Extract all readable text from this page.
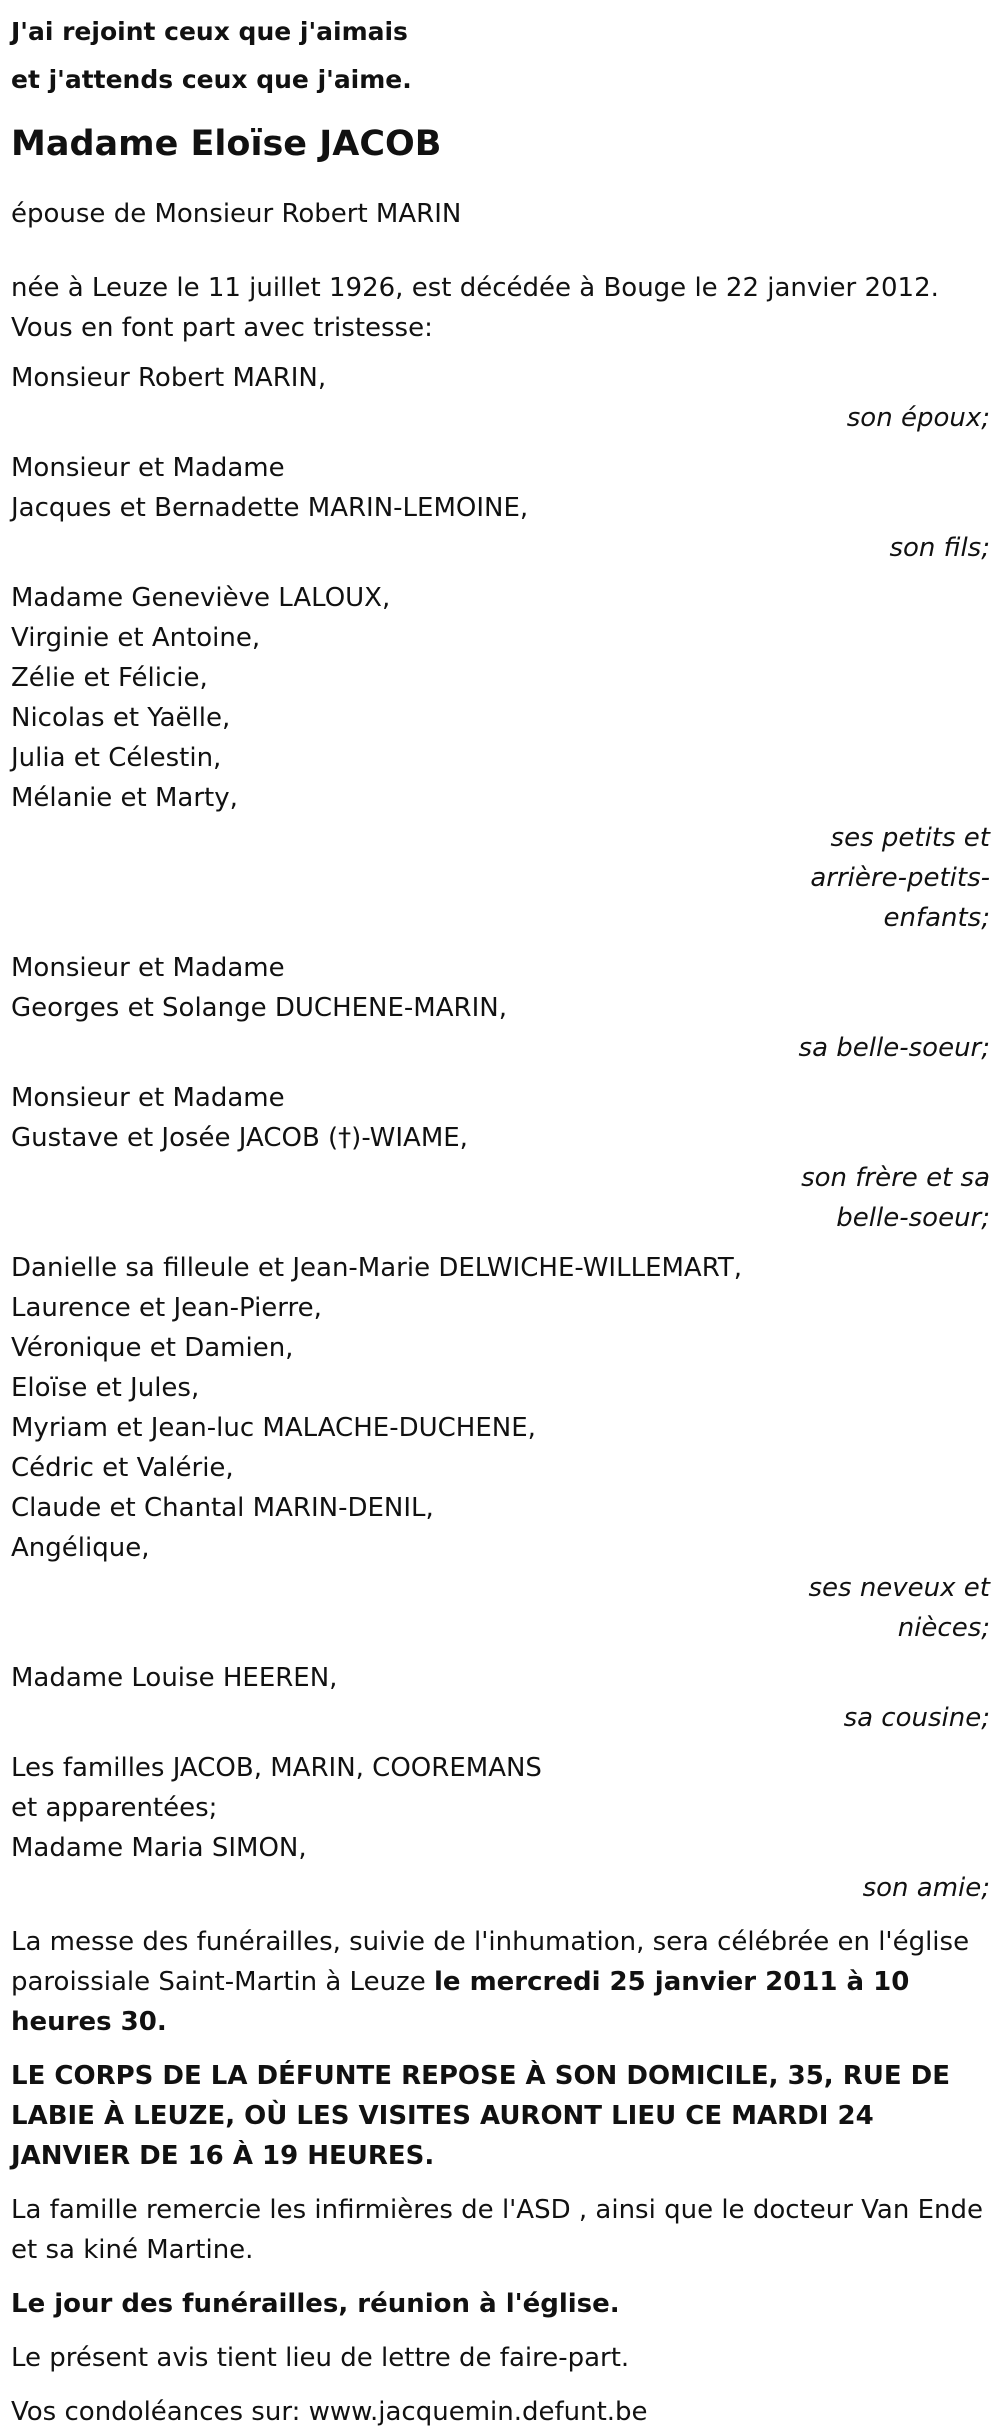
J'ai rejoint ceux que j'aimais
et j'attends ceux que j'aime.
Madame Eloïse JACOB
épouse de Monsieur Robert MARIN
née à Leuze le 11 juillet 1926, est décédée à Bouge le 22 janvier 2012.
Vous en font part avec tristesse:
Monsieur Robert MARIN,
son époux;
Monsieur et Madame
Jacques et Bernadette MARIN-LEMOINE,
son fils;
Madame Geneviève LALOUX,
Virginie et Antoine,
Zélie et Félicie,
Nicolas et Yaëlle,
Julia et Célestin,
Mélanie et Marty,
ses petits et
arrière-petits-
enfants;
Monsieur et Madame
Georges et Solange DUCHENE-MARIN,
sa belle-soeur;
Monsieur et Madame
Gustave et Josée JACOB (†)-WIAME,
son frère et sa
belle-soeur;
Danielle sa filleule et Jean-Marie DELWICHE-WILLEMART,
Laurence et Jean-Pierre,
Véronique et Damien,
Eloïse et Jules,
Myriam et Jean-luc MALACHE-DUCHENE,
Cédric et Valérie,
Claude et Chantal MARIN-DENIL,
Angélique,
ses neveux et
nièces;
Madame Louise HEEREN,
sa cousine;
Les familles JACOB, MARIN, COOREMANS
et apparentées;
Madame Maria SIMON,
son amie;
La messe des funérailles, suivie de l'inhumation, sera célébrée en l'église paroissiale Saint-Martin à Leuze le mercredi 25 janvier 2011 à 10 heures 30.
LE CORPS DE LA DÉFUNTE REPOSE À SON DOMICILE, 35, RUE DE LABIE À LEUZE, OÙ LES VISITES AURONT LIEU CE MARDI 24 JANVIER DE 16 À 19 HEURES.
La famille remercie les infirmières de l'ASD , ainsi que le docteur Van Ende et sa kiné Martine.
Le jour des funérailles, réunion à l'église.
Le présent avis tient lieu de lettre de faire-part.
Vos condoléances sur: www.jacquemin.defunt.be
